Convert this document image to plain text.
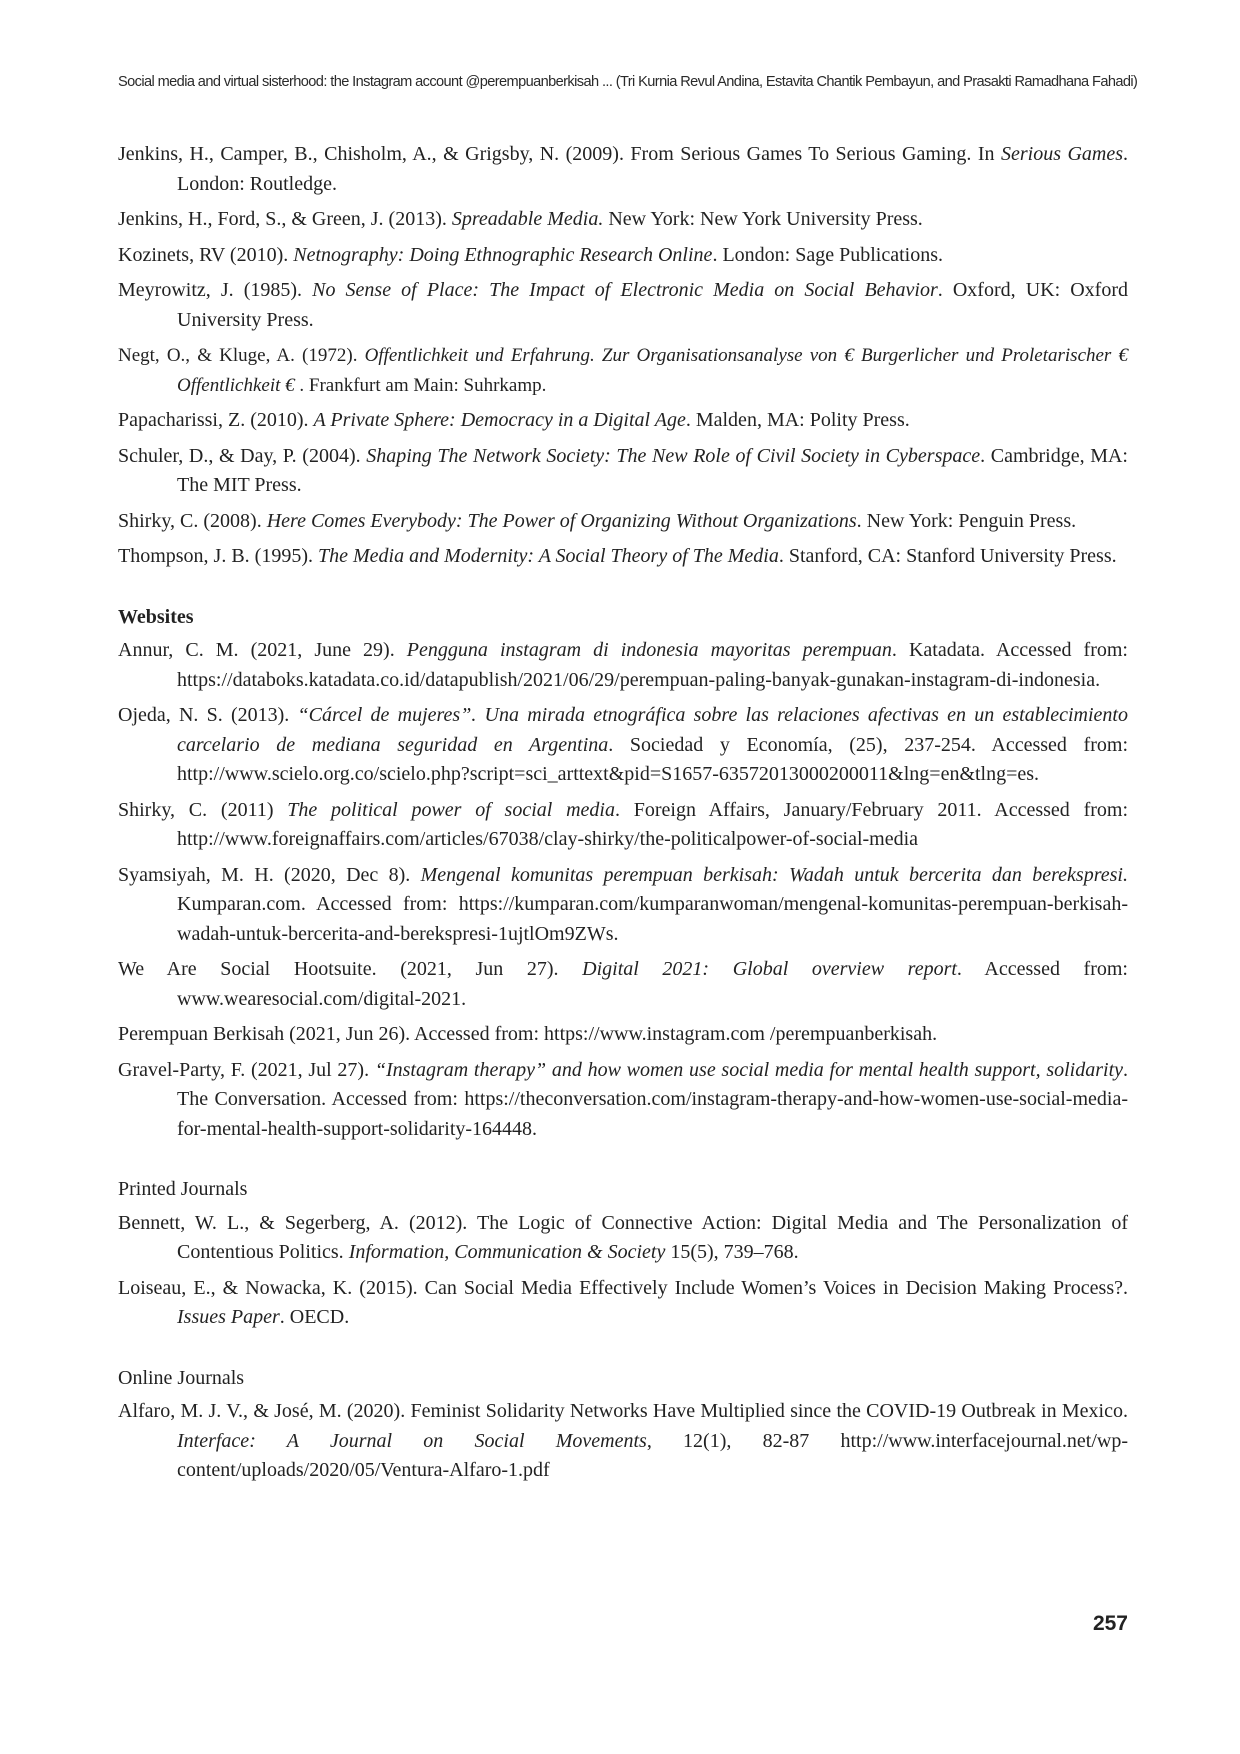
Social media and virtual sisterhood: the Instagram account @perempuanberkisah ... (Tri Kurnia Revul Andina, Estavita Chantik Pembayun, and Prasakti Ramadhana Fahadi)

Jenkins, H., Camper, B., Chisholm, A., & Grigsby, N. (2009). From Serious Games To Serious Gaming. In Serious Games. London: Routledge.

Jenkins, H., Ford, S., & Green, J. (2013). Spreadable Media. New York: New York University Press.

Kozinets, RV (2010). Netnography: Doing Ethnographic Research Online. London: Sage Publications.

Meyrowitz, J. (1985). No Sense of Place: The Impact of Electronic Media on Social Behavior. Oxford, UK: Oxford University Press.

Negt, O., & Kluge, A. (1972). Offentlichkeit und Erfahrung. Zur Organisationsanalyse von € Burgerlicher und Proletarischer € Offentlichkeit € . Frankfurt am Main: Suhrkamp.

Papacharissi, Z. (2010). A Private Sphere: Democracy in a Digital Age. Malden, MA: Polity Press.

Schuler, D., & Day, P. (2004). Shaping The Network Society: The New Role of Civil Society in Cyberspace. Cambridge, MA: The MIT Press.

Shirky, C. (2008). Here Comes Everybody: The Power of Organizing Without Organizations. New York: Penguin Press.

Thompson, J. B. (1995). The Media and Modernity: A Social Theory of The Media. Stanford, CA: Stanford University Press.

Websites

Annur, C. M. (2021, June 29). Pengguna instagram di indonesia mayoritas perempuan. Katadata. Accessed from: https://databoks.katadata.co.id/datapublish/2021/06/29/perempuan-paling-banyak-gunakan-instagram-di-indonesia.

Ojeda, N. S. (2013). “Cárcel de mujeres”. Una mirada etnográfica sobre las relaciones afectivas en un establecimiento carcelario de mediana seguridad en Argentina. Sociedad y Economía, (25), 237-254. Accessed from: http://www.scielo.org.co/scielo.php?script=sci_arttext&pid=S1657-63572013000200011&lng=en&tlng=es.

Shirky, C. (2011) The political power of social media. Foreign Affairs, January/February 2011. Accessed from: http://www.foreignaffairs.com/articles/67038/clay-shirky/the-politicalpower-of-social-media

Syamsiyah, M. H. (2020, Dec 8). Mengenal komunitas perempuan berkisah: Wadah untuk bercerita dan berekspresi. Kumparan.com. Accessed from: https://kumparan.com/kumparanwoman/mengenal-komunitas-perempuan-berkisah-wadah-untuk-bercerita-and-berekspresi-1ujtlOm9ZWs.

We Are Social Hootsuite. (2021, Jun 27). Digital 2021: Global overview report. Accessed from: www.wearesocial.com/digital-2021.

Perempuan Berkisah (2021, Jun 26). Accessed from: https://www.instagram.com /perempuanberkisah.

Gravel-Party, F. (2021, Jul 27). “Instagram therapy” and how women use social media for mental health support, solidarity. The Conversation. Accessed from: https://theconversation.com/instagram-therapy-and-how-women-use-social-media-for-mental-health-support-solidarity-164448.

Printed Journals

Bennett, W. L., & Segerberg, A. (2012). The Logic of Connective Action: Digital Media and The Personalization of Contentious Politics. Information, Communication & Society 15(5), 739–768.

Loiseau, E., & Nowacka, K. (2015). Can Social Media Effectively Include Women’s Voices in Decision Making Process?. Issues Paper. OECD.

Online Journals

Alfaro, M. J. V., & José, M. (2020). Feminist Solidarity Networks Have Multiplied since the COVID-19 Outbreak in Mexico. Interface: A Journal on Social Movements, 12(1), 82-87 http://www.interfacejournal.net/wp-content/uploads/2020/05/Ventura-Alfaro-1.pdf

257
